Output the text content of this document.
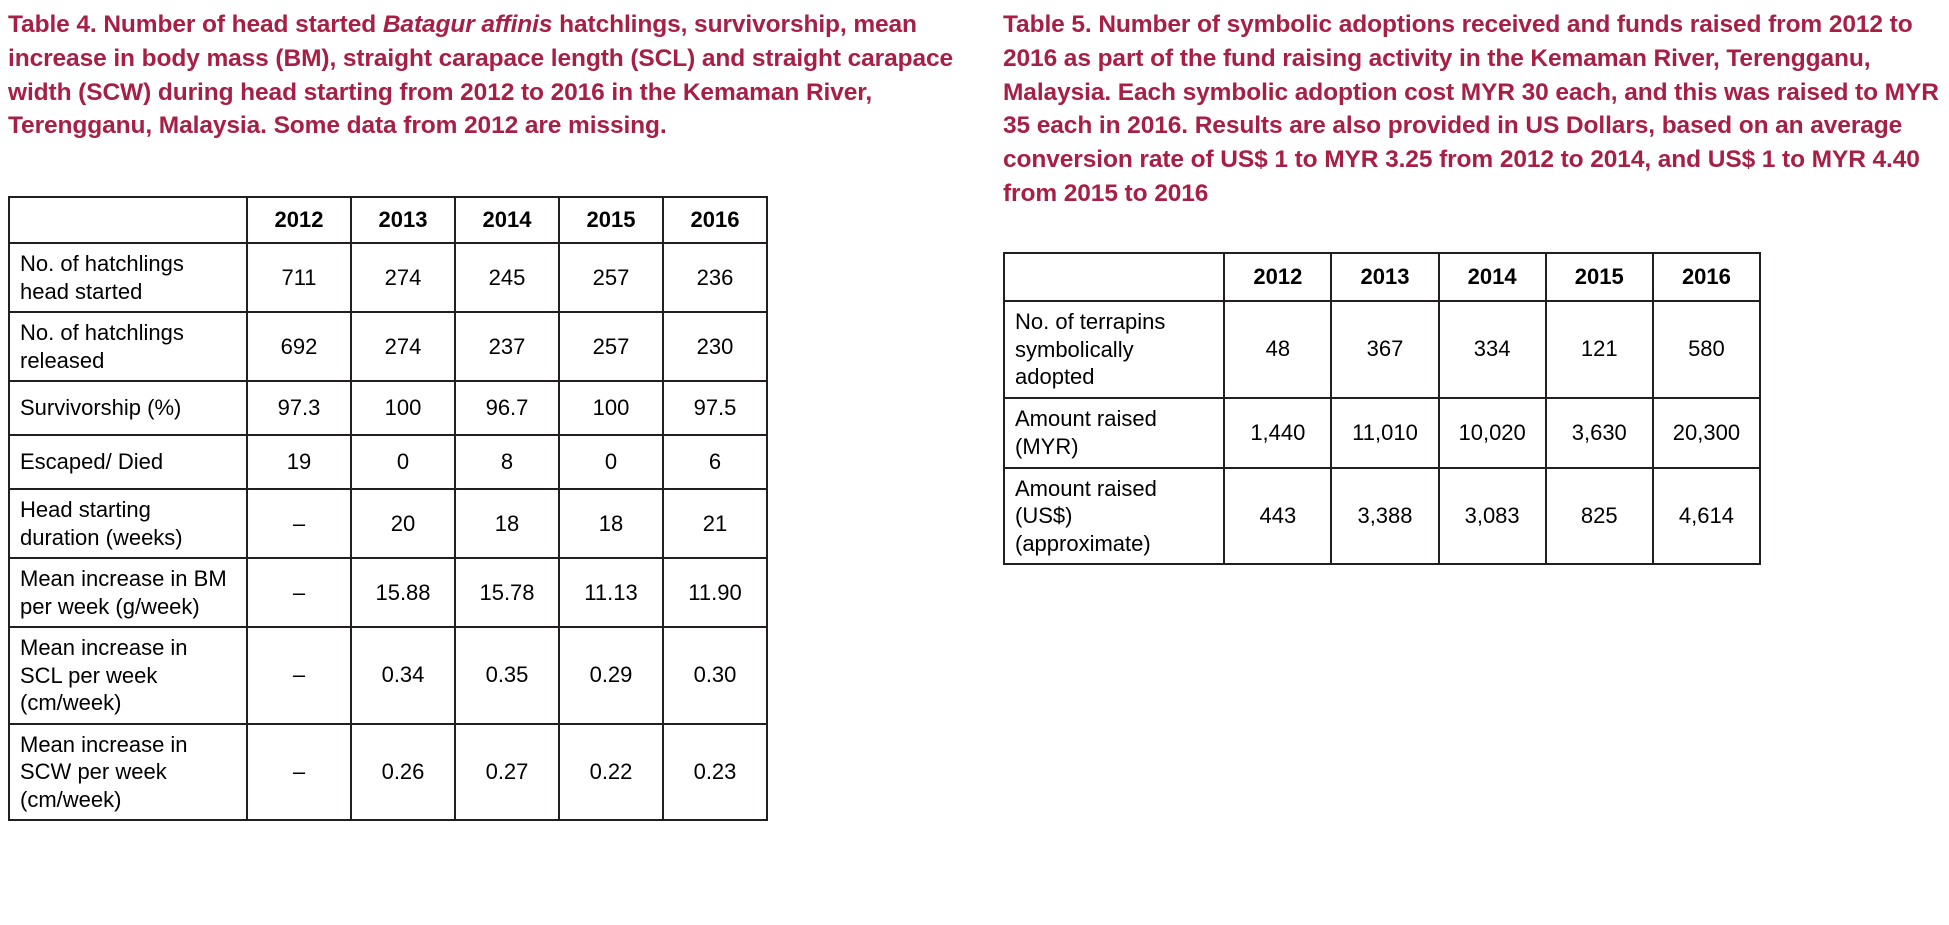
Table 4. Number of head started Batagur affinis hatchlings, survivorship, mean increase in body mass (BM), straight carapace length (SCL) and straight carapace width (SCW) during head starting from 2012 to 2016 in the Kemaman River, Terengganu, Malaysia. Some data from 2012 are missing.

	2012	2013	2014	2015	2016
No. of hatchlings head started	711	274	245	257	236
No. of hatchlings released	692	274	237	257	230
Survivorship (%)	97.3	100	96.7	100	97.5
Escaped/ Died	19	0	8	0	6
Head starting duration (weeks)	–	20	18	18	21
Mean increase in BM per week (g/week)	–	15.88	15.78	11.13	11.90
Mean increase in SCL per week (cm/week)	–	0.34	0.35	0.29	0.30
Mean increase in SCW per week (cm/week)	–	0.26	0.27	0.22	0.23

Table 5. Number of symbolic adoptions received and funds raised from 2012 to 2016 as part of the fund raising activity in the Kemaman River, Terengganu, Malaysia. Each symbolic adoption cost MYR 30 each, and this was raised to MYR 35 each in 2016. Results are also provided in US Dollars, based on an average conversion rate of US$ 1 to MYR 3.25 from 2012 to 2014, and US$ 1 to MYR 4.40 from 2015 to 2016

	2012	2013	2014	2015	2016
No. of terrapins symbolically adopted	48	367	334	121	580
Amount raised (MYR)	1,440	11,010	10,020	3,630	20,300
Amount raised (US$) (approximate)	443	3,388	3,083	825	4,614
